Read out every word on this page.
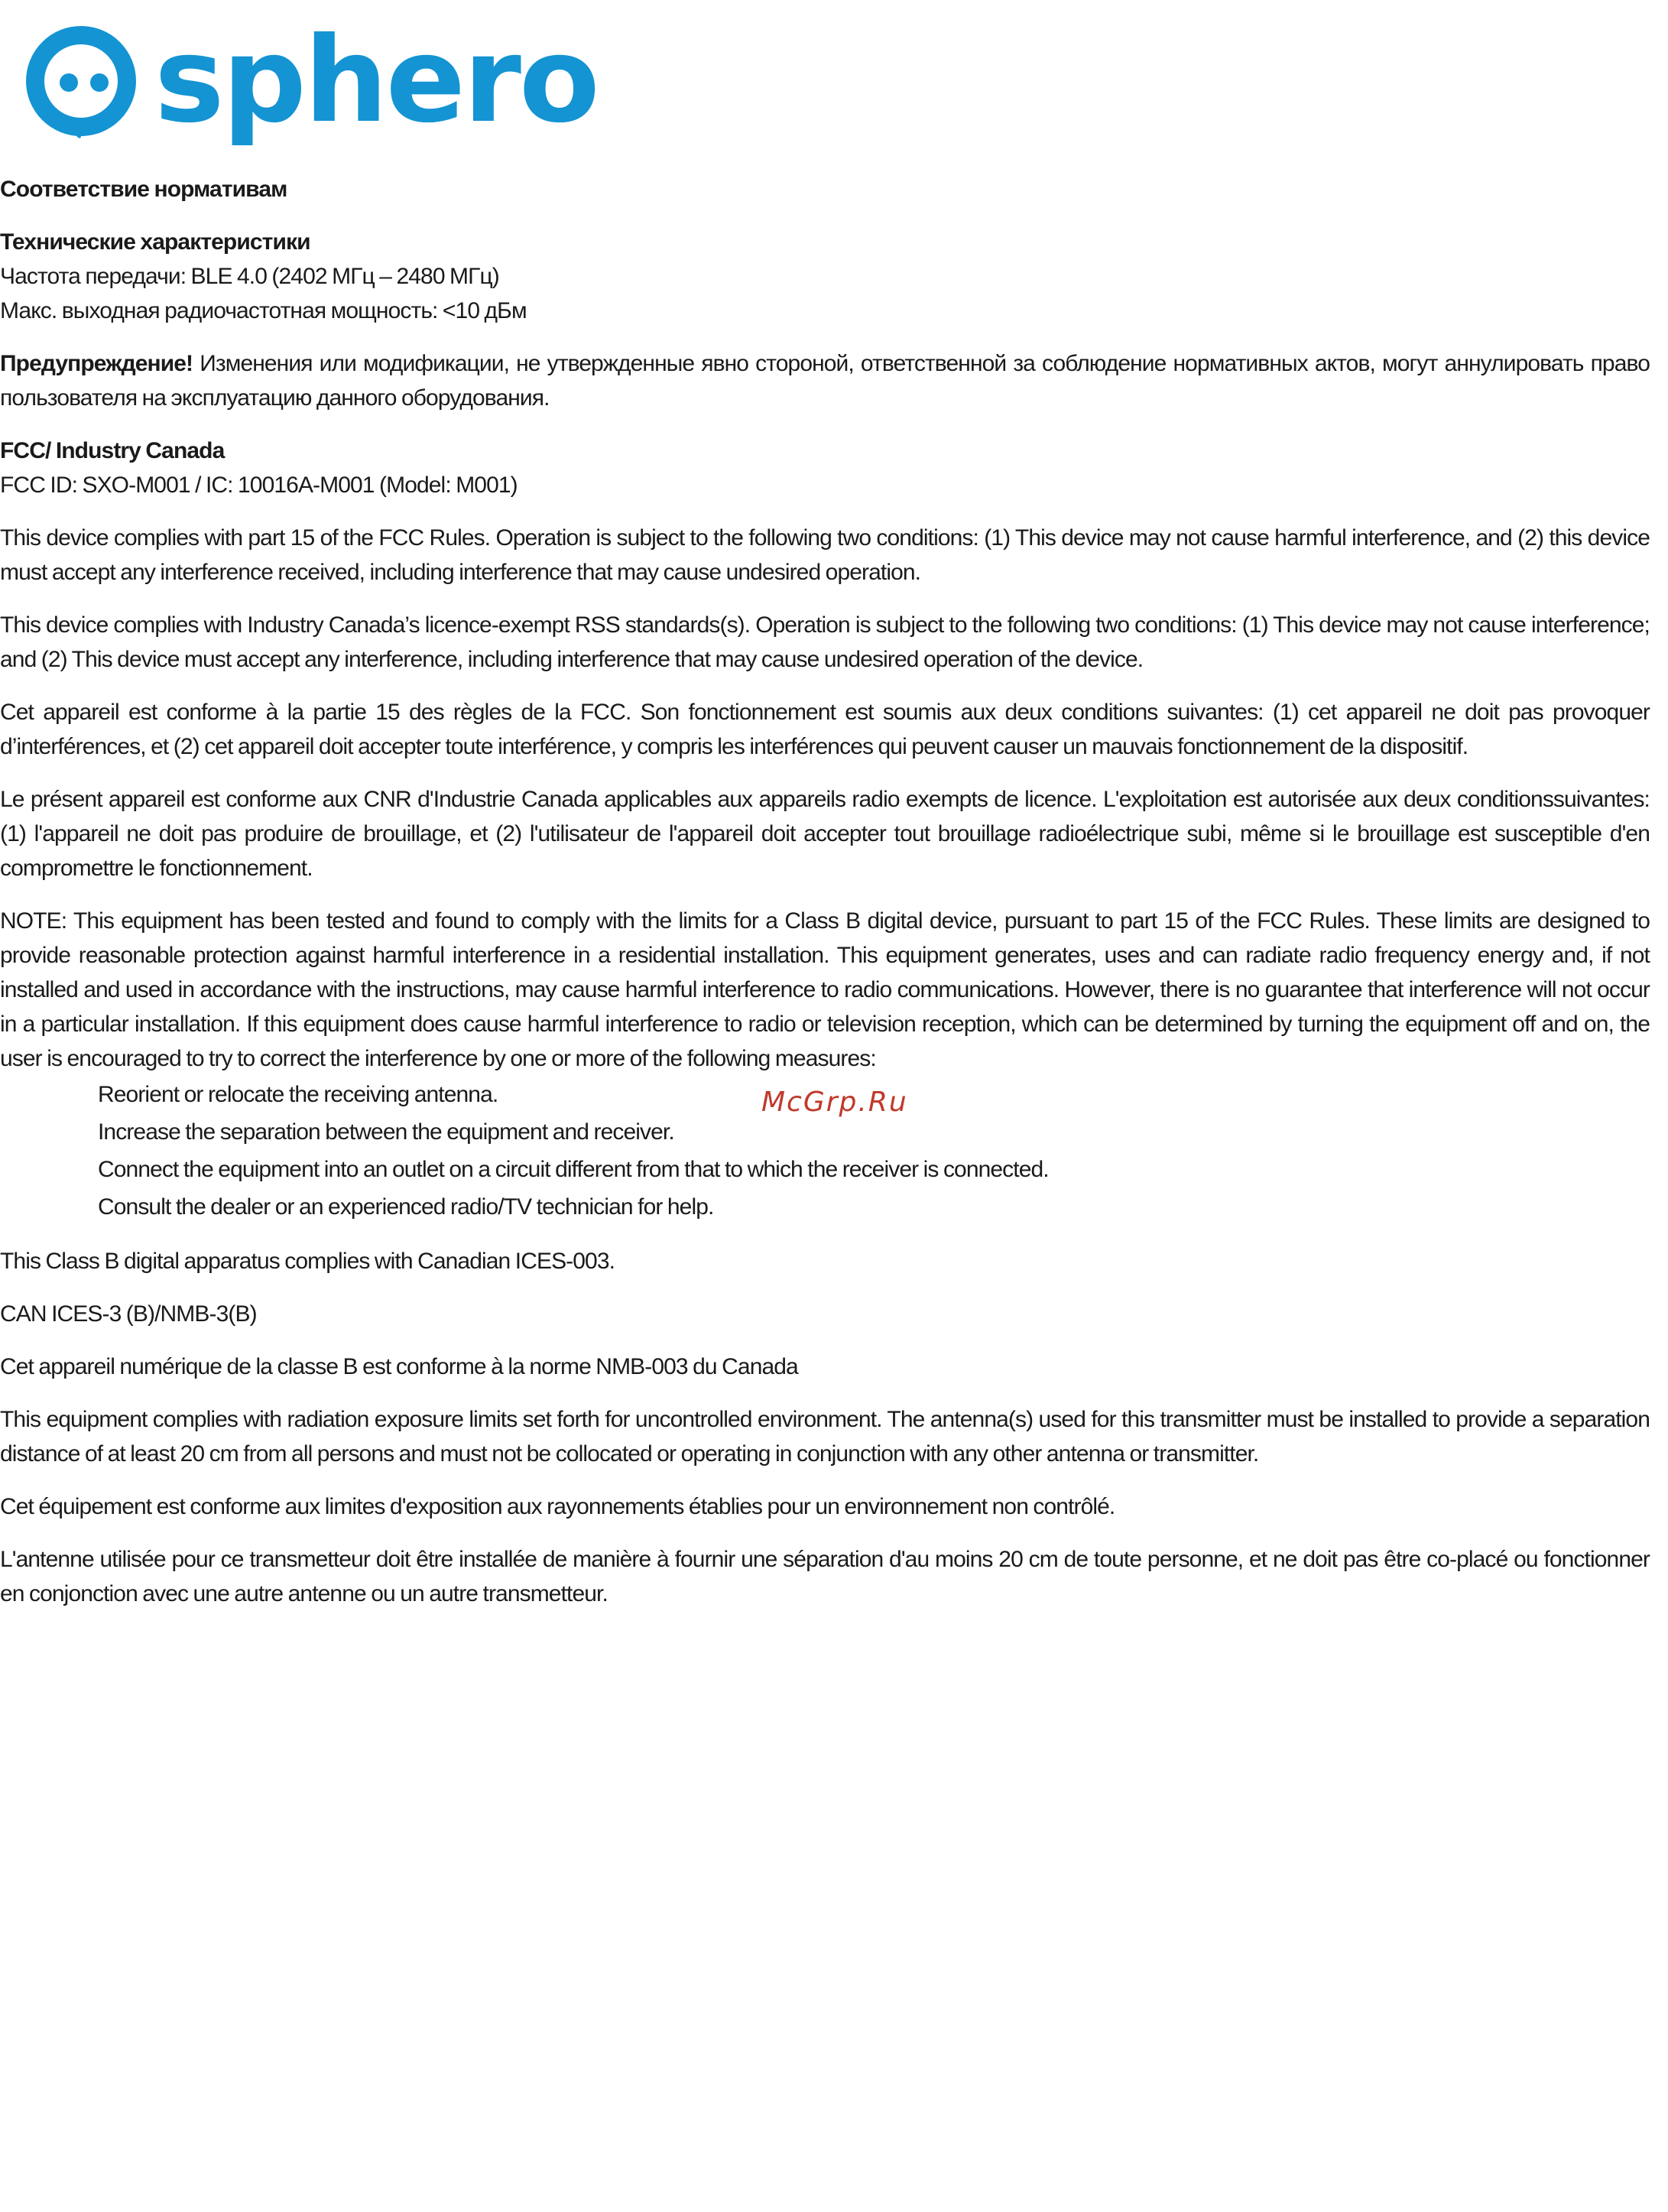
sphero

Соответствие нормативам

Технические характеристики
Частота передачи: BLE 4.0 (2402 МГц – 2480 МГц)
Макс. выходная радиочастотная мощность: <10 дБм

Предупреждение! Изменения или модификации, не утвержденные явно стороной, ответственной за соблюдение нормативных актов, могут аннулировать право пользователя на эксплуатацию данного оборудования.

FCC/ Industry Canada
FCC ID: SXO-M001 / IC: 10016A-M001 (Model: M001)

This device complies with part 15 of the FCC Rules. Operation is subject to the following two conditions: (1) This device may not cause harmful interference, and (2) this device must accept any interference received, including interference that may cause undesired operation.

This device complies with Industry Canada’s licence-exempt RSS standards(s). Operation is subject to the following two conditions: (1) This device may not cause interference; and (2) This device must accept any interference, including interference that may cause undesired operation of the device.

Cet appareil est conforme à la partie 15 des règles de la FCC. Son fonctionnement est soumis aux deux conditions suivantes: (1) cet appareil ne doit pas provoquer d’interférences, et (2) cet appareil doit accepter toute interférence, y compris les interférences qui peuvent causer un mauvais fonctionnement de la dispositif.

Le présent appareil est conforme aux CNR d'Industrie Canada applicables aux appareils radio exempts de licence. L'exploitation est autorisée aux deux conditionssuivantes: (1) l'appareil ne doit pas produire de brouillage, et (2) l'utilisateur de l'appareil doit accepter tout brouillage radioélectrique subi, même si le brouillage est susceptible d'en compromettre le fonctionnement.

NOTE: This equipment has been tested and found to comply with the limits for a Class B digital device, pursuant to part 15 of the FCC Rules. These limits are designed to provide reasonable protection against harmful interference in a residential installation. This equipment generates, uses and can radiate radio frequency energy and, if not installed and used in accordance with the instructions, may cause harmful interference to radio communications. However, there is no guarantee that interference will not occur in a particular installation. If this equipment does cause harmful interference to radio or television reception, which can be determined by turning the equipment off and on, the user is encouraged to try to correct the interference by one or more of the following measures:

Reorient or relocate the receiving antenna.
Increase the separation between the equipment and receiver.
Connect the equipment into an outlet on a circuit different from that to which the receiver is connected.
Consult the dealer or an experienced radio/TV technician for help.

This Class B digital apparatus complies with Canadian ICES-003.

CAN ICES-3 (B)/NMB-3(B)

Cet appareil numérique de la classe B est conforme à la norme NMB-003 du Canada

This equipment complies with radiation exposure limits set forth for uncontrolled environment. The antenna(s) used for this transmitter must be installed to provide a separation distance of at least 20 cm from all persons and must not be collocated or operating in conjunction with any other antenna or transmitter.

Cet équipement est conforme aux limites d'exposition aux rayonnements établies pour un environnement non contrôlé.

L'antenne utilisée pour ce transmetteur doit être installée de manière à fournir une séparation d'au moins 20 cm de toute personne, et ne doit pas être co-placé ou fonctionner en conjonction avec une autre antenne ou un autre transmetteur.

McGrp.Ru
